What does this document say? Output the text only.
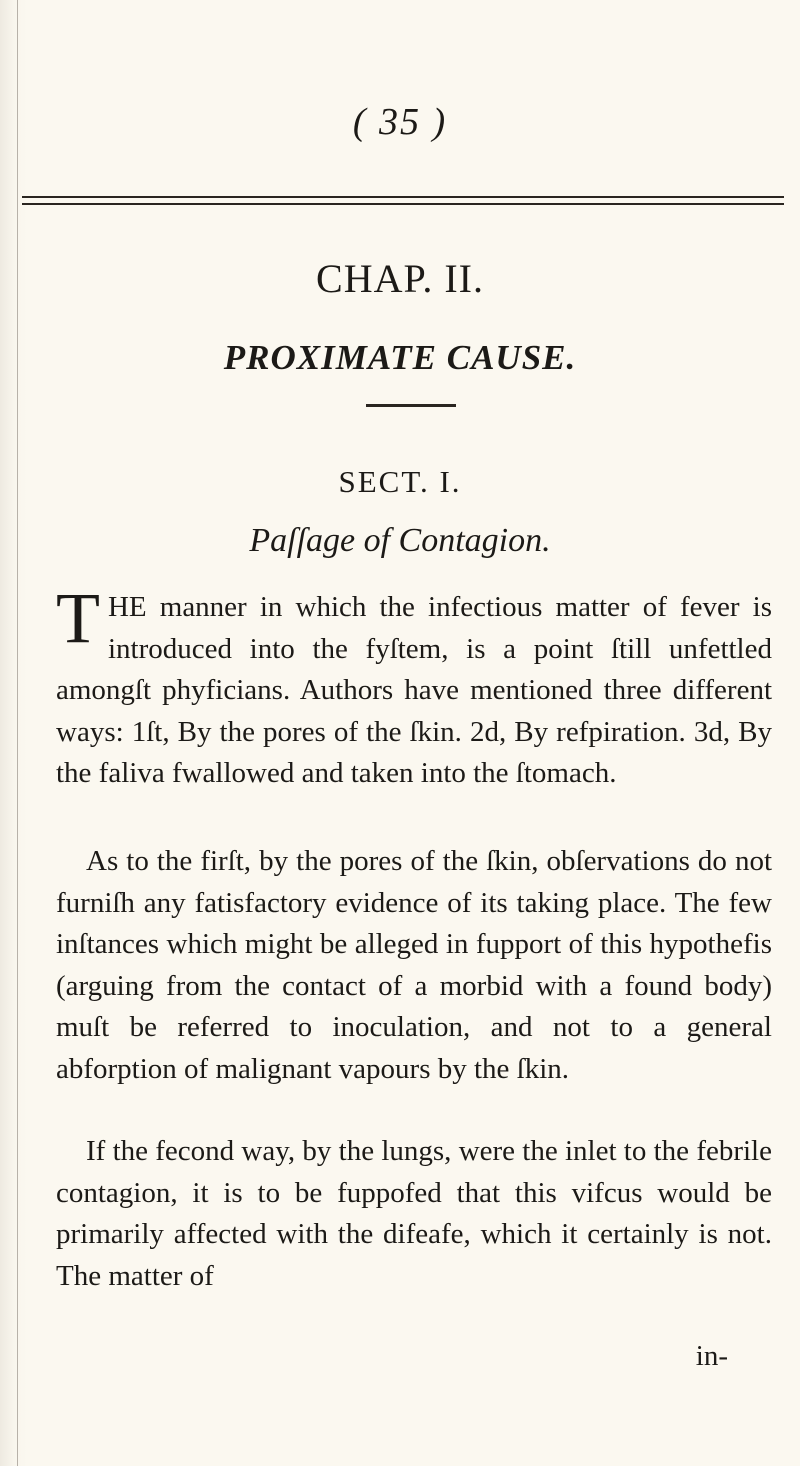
( 35 )
CHAP. II.
PROXIMATE CAUSE.
SECT. I.
Paſſage of Contagion.

THE manner in which the infectious matter of fever is introduced into the fyſtem, is a point ſtill unfettled amongſt phyficians. Authors have mentioned three different ways: 1ſt, By the pores of the ſkin. 2d, By refpiration. 3d, By the faliva fwallowed and taken into the ſtomach.

As to the firſt, by the pores of the ſkin, obſervations do not furniſh any fatisfactory evidence of its taking place. The few inſtances which might be alleged in fupport of this hypothefis (arguing from the contact of a morbid with a found body) muſt be referred to inoculation, and not to a general abforption of malignant vapours by the ſkin.

If the fecond way, by the lungs, were the inlet to the febrile contagion, it is to be fuppofed that this vifcus would be primarily affected with the difeafe, which it certainly is not. The matter of

in-
